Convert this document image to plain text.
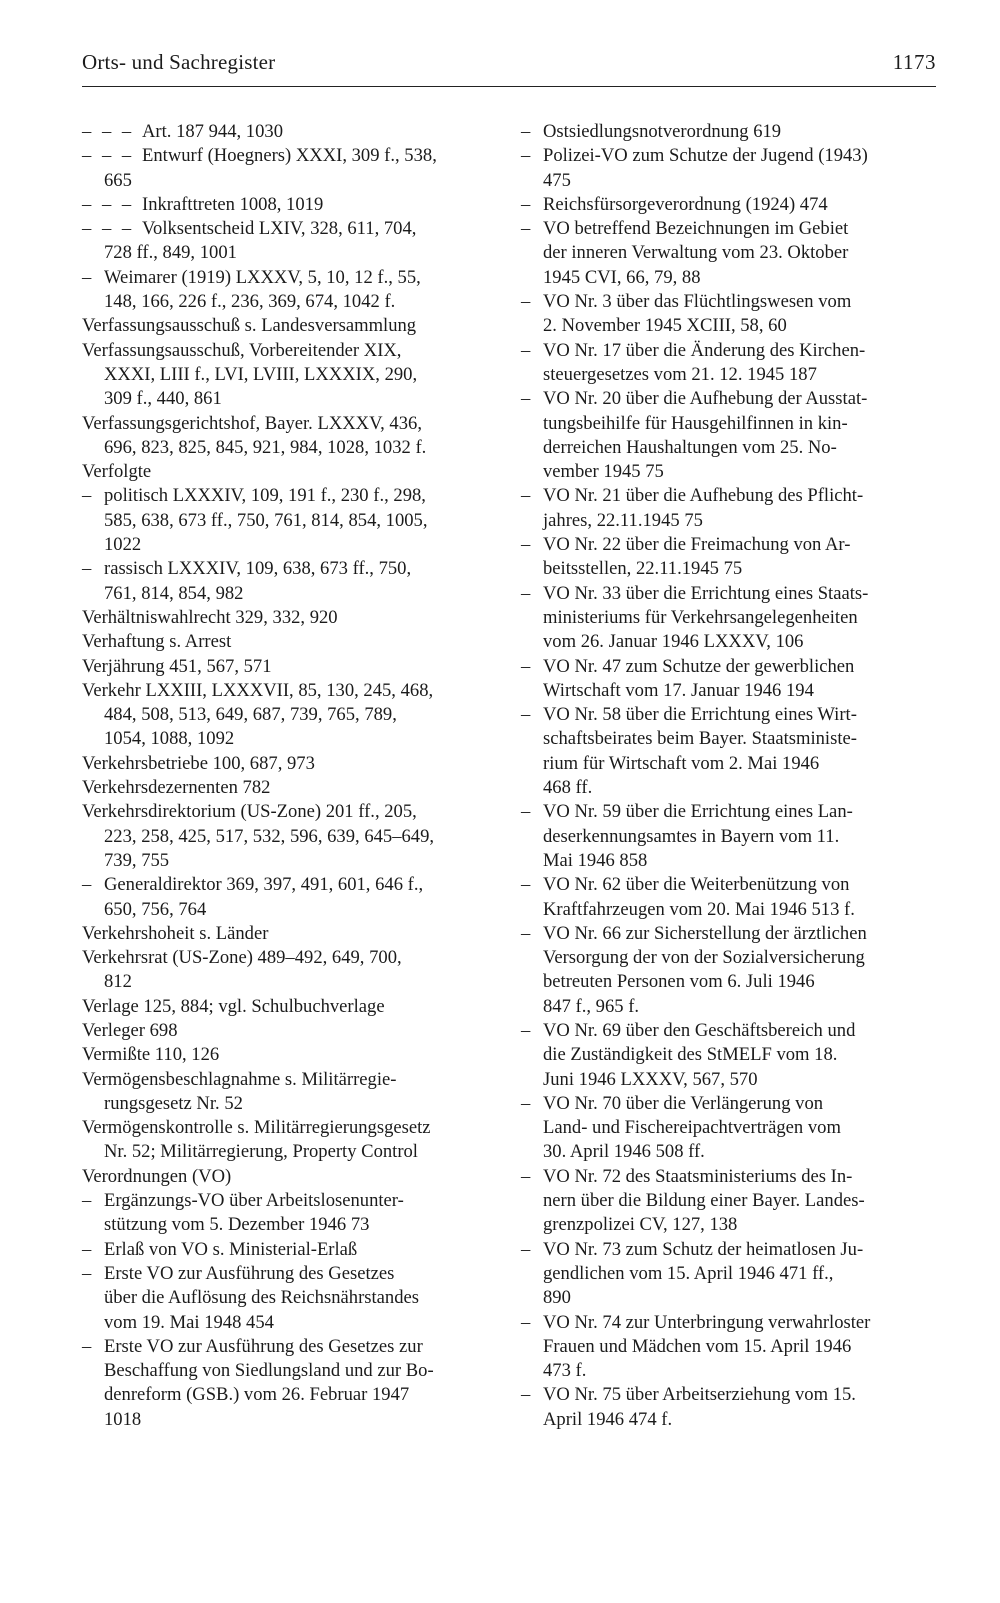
Orts- und Sachregister	1173
– – – Art. 187 944, 1030
– – – Entwurf (Hoegners) XXXI, 309 f., 538,
665
– – – Inkrafttreten 1008, 1019
– – – Volksentscheid LXIV, 328, 611, 704,
728 ff., 849, 1001
– Weimarer (1919) LXXXV, 5, 10, 12 f., 55,
148, 166, 226 f., 236, 369, 674, 1042 f.
Verfassungsausschuß s. Landesversammlung
Verfassungsausschuß, Vorbereitender XIX,
XXXI, LIII f., LVI, LVIII, LXXXIX, 290,
309 f., 440, 861
Verfassungsgerichtshof, Bayer. LXXXV, 436,
696, 823, 825, 845, 921, 984, 1028, 1032 f.
Verfolgte
– politisch LXXXIV, 109, 191 f., 230 f., 298,
585, 638, 673 ff., 750, 761, 814, 854, 1005,
1022
– rassisch LXXXIV, 109, 638, 673 ff., 750,
761, 814, 854, 982
Verhältniswahlrecht 329, 332, 920
Verhaftung s. Arrest
Verjährung 451, 567, 571
Verkehr LXXIII, LXXXVII, 85, 130, 245, 468,
484, 508, 513, 649, 687, 739, 765, 789,
1054, 1088, 1092
Verkehrsbetriebe 100, 687, 973
Verkehrsdezernenten 782
Verkehrsdirektorium (US-Zone) 201 ff., 205,
223, 258, 425, 517, 532, 596, 639, 645–649,
739, 755
– Generaldirektor 369, 397, 491, 601, 646 f.,
650, 756, 764
Verkehrshoheit s. Länder
Verkehrsrat (US-Zone) 489–492, 649, 700,
812
Verlage 125, 884; vgl. Schulbuchverlage
Verleger 698
Vermißte 110, 126
Vermögensbeschlagnahme s. Militärregie-
rungsgesetz Nr. 52
Vermögenskontrolle s. Militärregierungsgesetz
Nr. 52; Militärregierung, Property Control
Verordnungen (VO)
– Ergänzungs-VO über Arbeitslosenunter-
stützung vom 5. Dezember 1946 73
– Erlaß von VO s. Ministerial-Erlaß
– Erste VO zur Ausführung des Gesetzes
über die Auflösung des Reichsnährstandes
vom 19. Mai 1948 454
– Erste VO zur Ausführung des Gesetzes zur
Beschaffung von Siedlungsland und zur Bo-
denreform (GSB.) vom 26. Februar 1947
1018
– Ostsiedlungsnotverordnung 619
– Polizei-VO zum Schutze der Jugend (1943)
475
– Reichsfürsorgeverordnung (1924) 474
– VO betreffend Bezeichnungen im Gebiet
der inneren Verwaltung vom 23. Oktober
1945 CVI, 66, 79, 88
– VO Nr. 3 über das Flüchtlingswesen vom
2. November 1945 XCIII, 58, 60
– VO Nr. 17 über die Änderung des Kirchen-
steuergesetzes vom 21. 12. 1945 187
– VO Nr. 20 über die Aufhebung der Ausstat-
tungsbeihilfe für Hausgehilfinnen in kin-
derreichen Haushaltungen vom 25. No-
vember 1945 75
– VO Nr. 21 über die Aufhebung des Pflicht-
jahres, 22.11.1945 75
– VO Nr. 22 über die Freimachung von Ar-
beitsstellen, 22.11.1945 75
– VO Nr. 33 über die Errichtung eines Staats-
ministeriums für Verkehrsangelegenheiten
vom 26. Januar 1946 LXXXV, 106
– VO Nr. 47 zum Schutze der gewerblichen
Wirtschaft vom 17. Januar 1946 194
– VO Nr. 58 über die Errichtung eines Wirt-
schaftsbeirates beim Bayer. Staatsministe-
rium für Wirtschaft vom 2. Mai 1946
468 ff.
– VO Nr. 59 über die Errichtung eines Lan-
deserkennungsamtes in Bayern vom 11.
Mai 1946 858
– VO Nr. 62 über die Weiterbenützung von
Kraftfahrzeugen vom 20. Mai 1946 513 f.
– VO Nr. 66 zur Sicherstellung der ärztlichen
Versorgung der von der Sozialversicherung
betreuten Personen vom 6. Juli 1946
847 f., 965 f.
– VO Nr. 69 über den Geschäftsbereich und
die Zuständigkeit des StMELF vom 18.
Juni 1946 LXXXV, 567, 570
– VO Nr. 70 über die Verlängerung von
Land- und Fischereipachtverträgen vom
30. April 1946 508 ff.
– VO Nr. 72 des Staatsministeriums des In-
nern über die Bildung einer Bayer. Landes-
grenzpolizei CV, 127, 138
– VO Nr. 73 zum Schutz der heimatlosen Ju-
gendlichen vom 15. April 1946 471 ff.,
890
– VO Nr. 74 zur Unterbringung verwahrloster
Frauen und Mädchen vom 15. April 1946
473 f.
– VO Nr. 75 über Arbeitserziehung vom 15.
April 1946 474 f.
